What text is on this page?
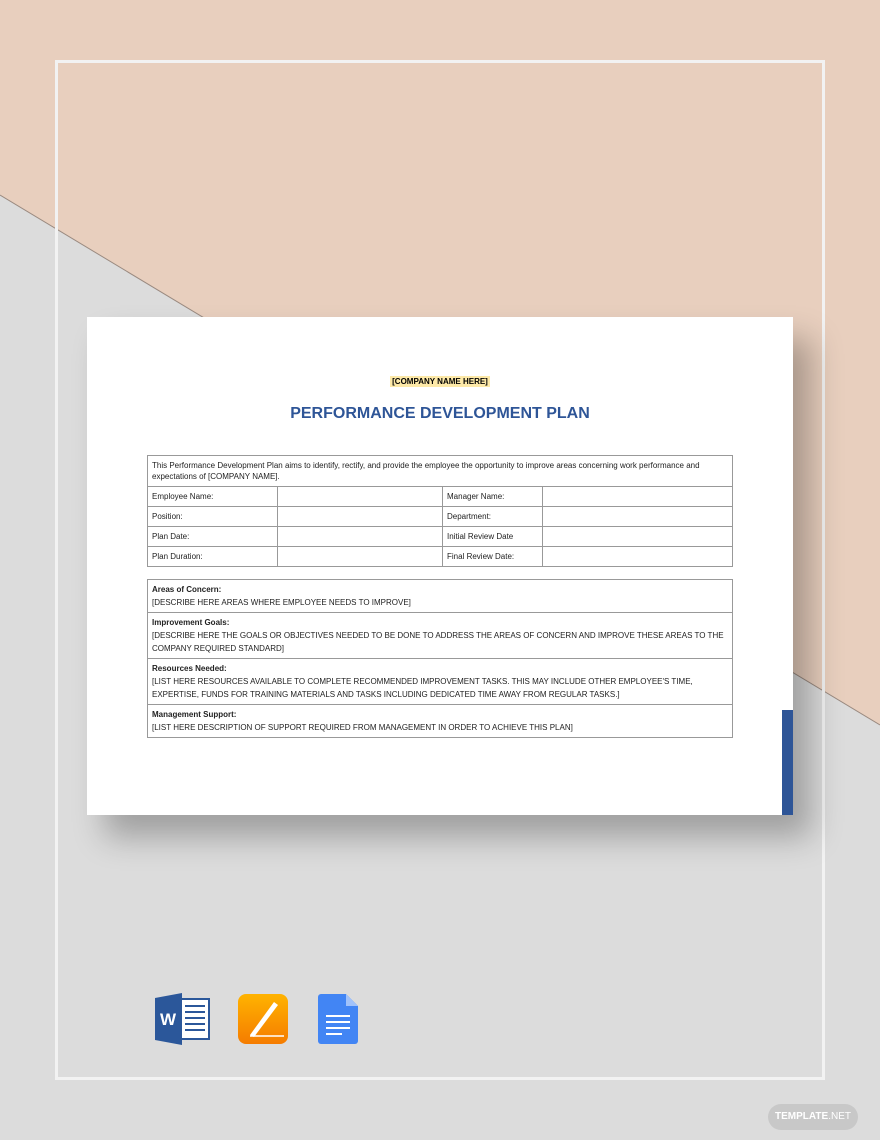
[COMPANY NAME HERE]
PERFORMANCE DEVELOPMENT PLAN
This Performance Development Plan aims to identify, rectify, and provide the employee the opportunity to improve areas concerning work performance and expectations of [COMPANY NAME].			
Employee Name:		Manager Name:	
Position:		Department:	
Plan Date:		Initial Review Date	
Plan Duration:		Final Review Date:	
Areas of Concern:
[DESCRIBE HERE AREAS WHERE EMPLOYEE NEEDS TO IMPROVE]
Improvement Goals:
[DESCRIBE HERE THE GOALS OR OBJECTIVES NEEDED TO BE DONE TO ADDRESS THE AREAS OF CONCERN AND IMPROVE THESE AREAS TO THE COMPANY REQUIRED STANDARD]
Resources Needed:
[LIST HERE RESOURCES AVAILABLE TO COMPLETE RECOMMENDED IMPROVEMENT TASKS. THIS MAY INCLUDE OTHER EMPLOYEE'S TIME, EXPERTISE, FUNDS FOR TRAINING MATERIALS AND TASKS INCLUDING DEDICATED TIME AWAY FROM REGULAR TASKS.]
Management Support:
[LIST HERE DESCRIPTION OF SUPPORT REQUIRED FROM MANAGEMENT IN ORDER TO ACHIEVE THIS PLAN]
W
TEMPLATE.NET
